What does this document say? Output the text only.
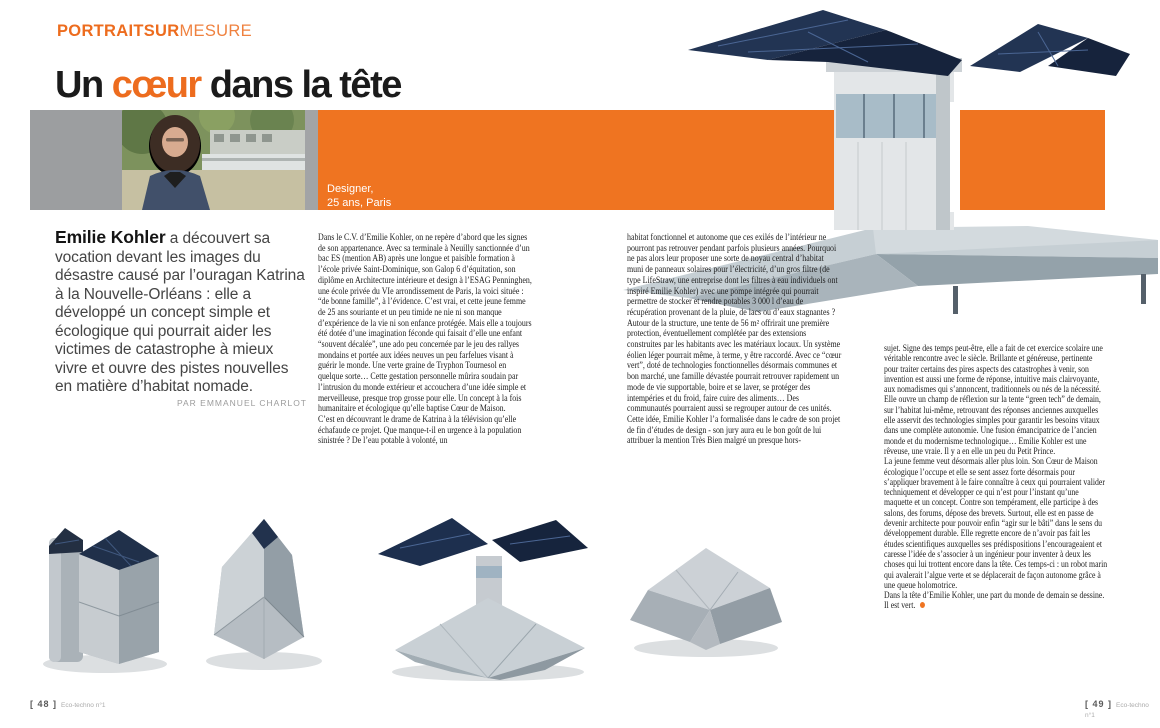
PORTRAITSURMESURE
Un cœur dans la tête
Designer,
25 ans, Paris
Emilie Kohler a découvert sa vocation devant les images du désastre causé par l’ouragan Katrina à la Nouvelle-Orléans : elle a développé un concept simple et écologique qui pourrait aider les victimes de catastrophe à mieux vivre et ouvre des pistes nouvelles en matière d’habitat nomade.
PAR EMMANUEL CHARLOT
Dans le C.V. d’Emilie Kohler, on ne repère d’abord que les signes de son appartenance. Avec sa terminale à Neuilly sanctionnée d’un bac ES (mention AB) après une longue et paisible formation à l’école privée Saint-Dominique, son Galop 6 d’équitation, son diplôme en Architecture intérieure et design à l’ESAG Penninghen, une école privée du VIe arrondissement de Paris, la voici située : “de bonne famille”, à l’évidence. C’est vrai, et cette jeune femme de 25 ans souriante et un peu timide ne nie ni son manque d’expérience de la vie ni son enfance protégée. Mais elle a toujours été dotée d’une imagination féconde qui faisait d’elle une enfant “souvent décalée”, une ado peu concernée par le jeu des rallyes mondains et portée aux idées neuves un peu farfelues visant à guérir le monde. Une verte graine de Tryphon Tournesol en quelque sorte… Cette gestation personnelle mûrira soudain par l’intrusion du monde extérieur et accouchera d’une idée simple et merveilleuse, presque trop grosse pour elle. Un concept à la fois humanitaire et écologique qu’elle baptise Cœur de Maison.
C’est en découvrant le drame de Katrina à la télévision qu’elle échafaude ce projet. Que manque-t-il en urgence à la population sinistrée ? De l’eau potable à volonté, un
habitat fonctionnel et autonome que ces exilés de l’intérieur ne pourront pas retrouver pendant parfois plusieurs années. Pourquoi ne pas alors leur proposer une sorte de noyau central d’habitat muni de panneaux solaires pour l’électricité, d’un gros filtre (de type LifeStraw, une entreprise dont les filtres à eau individuels ont inspiré Emilie Kohler) avec une pompe intégrée qui pourrait permettre de stocker et rendre potables 3 000 l d’eau de récupération provenant de la pluie, de lacs ou d’eaux stagnantes ? Autour de la structure, une tente de 56 m² offrirait une première protection, éventuellement complétée par des extensions construites par les habitants avec les matériaux locaux. Un système éolien léger pourrait même, à terme, y être raccordé. Avec ce “cœur vert”, doté de technologies fonctionnelles désormais communes et bon marché, une famille dévastée pourrait retrouver rapidement un mode de vie supportable, boire et se laver, se protéger des intempéries et du froid, faire cuire des aliments… Des communautés pourraient aussi se regrouper autour de ces unités.
Cette idée, Emilie Kohler l’a formalisée dans le cadre de son projet de fin d’études de design - son jury aura eu le bon goût de lui attribuer la mention Très Bien malgré un presque hors-
sujet. Signe des temps peut-être, elle a fait de cet exercice scolaire une véritable rencontre avec le siècle. Brillante et généreuse, pertinente pour traiter certains des pires aspects des catastrophes à venir, son invention est aussi une forme de réponse, intuitive mais clairvoyante, aux nomadismes qui s’annoncent, traditionnels ou nés de la nécessité. Elle ouvre un champ de réflexion sur la tente “green tech” de demain, sur l’habitat lui-même, retrouvant des réponses anciennes auxquelles elle asservit des technologies simples pour garantir les besoins vitaux dans une complète autonomie. Une fusion émancipatrice de l’ancien monde et du modernisme technologique… Emilie Kohler est une rêveuse, une vraie. Il y a en elle un peu du Petit Prince.
La jeune femme veut désormais aller plus loin. Son Cœur de Maison écologique l’occupe et elle se sent assez forte désormais pour s’appliquer bravement à le faire connaître à ceux qui pourraient valider techniquement et développer ce qui n’est pour l’instant qu’une maquette et un concept. Contre son tempérament, elle participe à des salons, des forums, dépose des brevets. Surtout, elle est en passe de devenir architecte pour pouvoir enfin “agir sur le bâti” dans le sens du développement durable. Elle regrette encore de n’avoir pas fait les études scientifiques auxquelles ses prédispositions l’encourageaient et caresse l’idée de s’associer à un ingénieur pour inventer à deux les choses qui lui trottent encore dans la tête. Ces temps-ci : un robot marin qui avalerait l’algue verte et se déplacerait de façon autonome grâce à une queue holomotrice.
Dans la tête d’Emilie Kohler, une part du monde de demain se dessine. Il est vert.
[ 48 ] Eco-techno n°1	[ 49 ] Eco-techno n°1
